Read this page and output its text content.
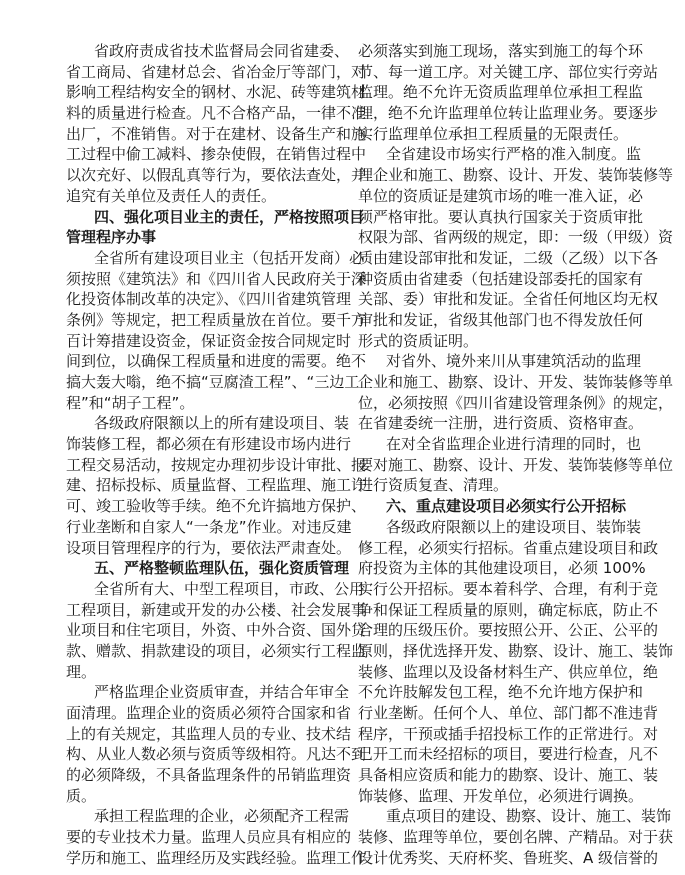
省政府责成省技术监督局会同省建委、
省工商局、省建材总会、省冶金厅等部门，对
影响工程结构安全的钢材、水泥、砖等建筑材
料的质量进行检查。凡不合格产品，一律不准
出厂，不准销售。对于在建材、设备生产和施
工过程中偷工减料、掺杂使假，在销售过程中
以次充好、以假乱真等行为，要依法查处，并
追究有关单位及责任人的责任。
四、强化项目业主的责任，严格按照项目
管理程序办事
全省所有建设项目业主（包括开发商）必
须按照《建筑法》和《四川省人民政府关于深
化投资体制改革的决定》、《四川省建筑管理
条例》等规定，把工程质量放在首位。要千方
百计筹措建设资金，保证资金按合同规定时
间到位，以确保工程质量和进度的需要。绝不
搞大轰大嗡，绝不搞“豆腐渣工程”、“三边工
程”和“胡子工程”。
各级政府限额以上的所有建设项目、装
饰装修工程，都必须在有形建设市场内进行
工程交易活动，按规定办理初步设计审批、报
建、招标投标、质量监督、工程监理、施工许
可、竣工验收等手续。绝不允许搞地方保护、
行业垄断和自家人“一条龙”作业。对违反建
设项目管理程序的行为，要依法严肃查处。
五、严格整顿监理队伍，强化资质管理
全省所有大、中型工程项目，市政、公用
工程项目，新建或开发的办公楼、社会发展事
业项目和住宅项目，外资、中外合资、国外贷
款、赠款、捐款建设的项目，必须实行工程监
理。
严格监理企业资质审查，并结合年审全
面清理。监理企业的资质必须符合国家和省
上的有关规定，其监理人员的专业、技术结
构、从业人数必须与资质等级相符。凡达不到
的必须降级，不具备监理条件的吊销监理资
质。
承担工程监理的企业，必须配齐工程需
要的专业技术力量。监理人员应具有相应的
学历和施工、监理经历及实践经验。监理工作
必须落实到施工现场，落实到施工的每个环
节、每一道工序。对关键工序、部位实行旁站
监理。绝不允许无资质监理单位承担工程监
理，绝不允许监理单位转让监理业务。要逐步
实行监理单位承担工程质量的无限责任。
全省建设市场实行严格的准入制度。监
理企业和施工、勘察、设计、开发、装饰装修等
单位的资质证是建筑市场的唯一准入证，必
须严格审批。要认真执行国家关于资质审批
权限为部、省两级的规定，即：一级（甲级）资
质由建设部审批和发证，二级（乙级）以下各
种资质由省建委（包括建设部委托的国家有
关部、委）审批和发证。全省任何地区均无权
审批和发证，省级其他部门也不得发放任何
形式的资质证明。
对省外、境外来川从事建筑活动的监理
企业和施工、勘察、设计、开发、装饰装修等单
位，必须按照《四川省建设管理条例》的规定，
在省建委统一注册，进行资质、资格审查。
在对全省监理企业进行清理的同时，也
要对施工、勘察、设计、开发、装饰装修等单位
进行资质复查、清理。
六、重点建设项目必须实行公开招标
各级政府限额以上的建设项目、装饰装
修工程，必须实行招标。省重点建设项目和政
府投资为主体的其他建设项目，必须 100%
实行公开招标。要本着科学、合理，有利于竞
争和保证工程质量的原则，确定标底，防止不
合理的压级压价。要按照公开、公正、公平的
原则，择优选择开发、勘察、设计、施工、装饰
装修、监理以及设备材料生产、供应单位，绝
不允许肢解发包工程，绝不允许地方保护和
行业垄断。任何个人、单位、部门都不准违背
程序，干预或插手招投标工作的正常进行。对
已开工而未经招标的项目，要进行检查，凡不
具备相应资质和能力的勘察、设计、施工、装
饰装修、监理、开发单位，必须进行调换。
重点项目的建设、勘察、设计、施工、装饰
装修、监理等单位，要创名牌、产精品。对于获
设计优秀奖、天府杯奖、鲁班奖、A 级信誉的
